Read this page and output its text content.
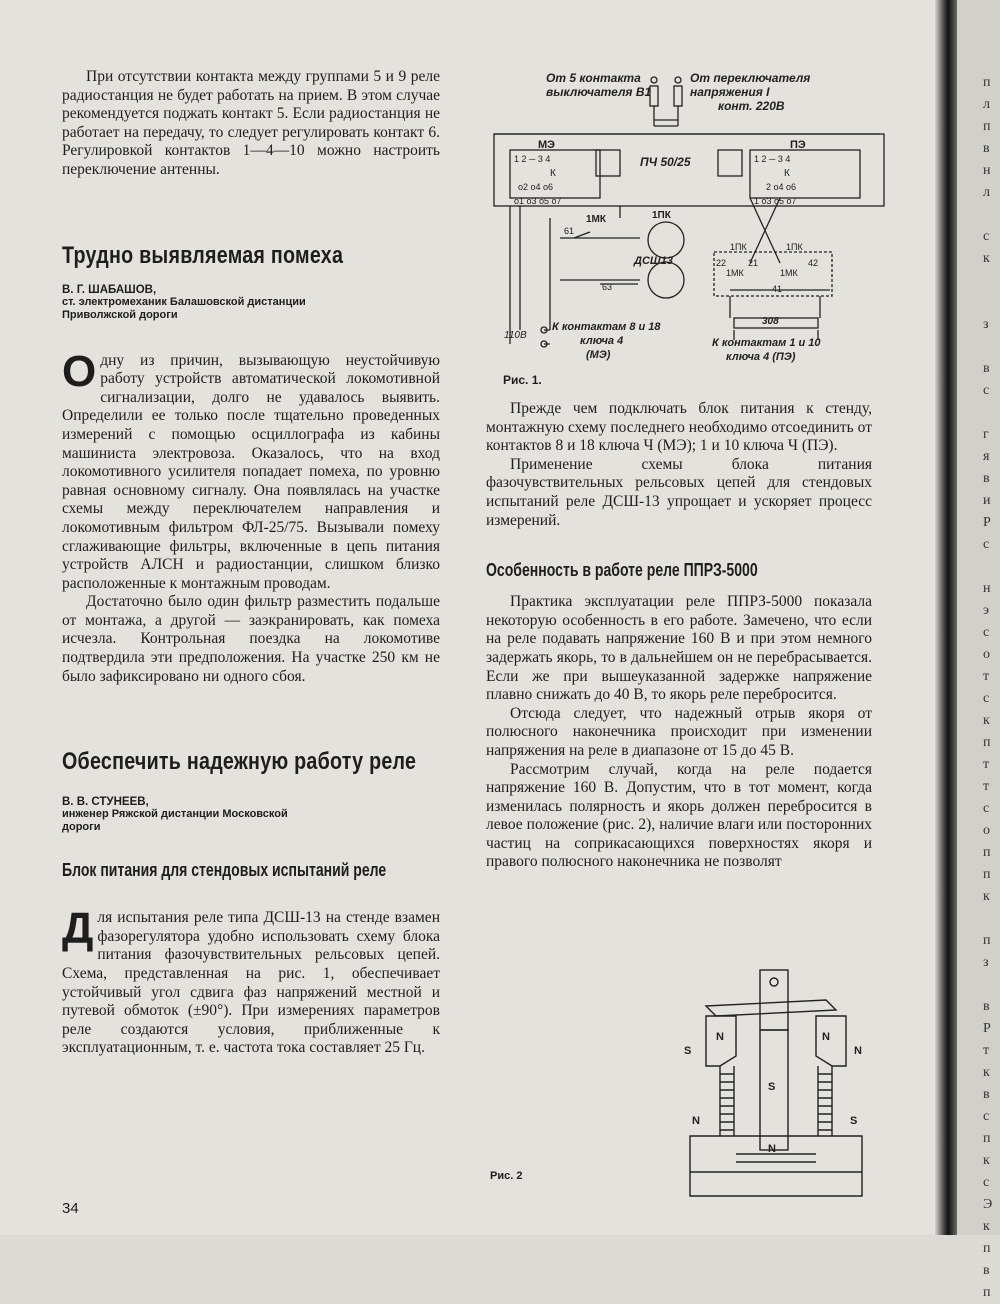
При отсутствии контакта между группами 5 и 9 реле радиостанция не будет работать на прием. В этом случае рекомендуется поджать контакт 5. Если радиостанция не работает на передачу, то следует регулировать контакт 6. Регулировкой контактов 1—4—10 можно настроить переключение антенны.

Трудно выявляемая помеха

В. Г. ШАБАШОВ,

ст. электромеханик Балашовской дистанции Приволжской дороги

О дну из причин, вызывающую неустойчивую работу устройств автоматической локомотивной сигнализации, долго не удавалось выявить. Определили ее только после тщательно проведенных измерений с помощью осциллографа из кабины машиниста электровоза. Оказалось, что на вход локомотивного усилителя попадает помеха, по уровню равная основному сигналу. Она появлялась на участке схемы между переключателем направления и локомотивным фильтром ФЛ-25/75. Вызывали помеху сглаживающие фильтры, включенные в цепь питания устройств АЛСН и радиостанции, слишком близко расположенные к монтажным проводам.

Достаточно было один фильтр разместить подальше от монтажа, а другой — заэкранировать, как помеха исчезла. Контрольная поездка на локомотиве подтвердила эти предположения. На участке 250 км не было зафиксировано ни одного сбоя.

Обеспечить надежную работу реле

В. В. СТУНЕЕВ,

инженер Ряжской дистанции Московской дороги

Блок питания для стендовых испытаний реле
Д ля испытания реле типа ДСШ-13 на стенде взамен фазорегулятора удобно использовать схему блока питания фазочувствительных рельсовых цепей. Схема, представленная на рис. 1, обеспечивает устойчивый угол сдвига фаз напряжений местной и путевой обмоток (±90°). При измерениях параметров реле создаются условия, приближенные к эксплуатационным, т. е. частота тока составляет 25 Гц.

34
От 5 контакта
выключателя В1
От переключателя
напряжения I
конт. 220В
МЭ	ПЭ
ПЧ 50/25
К	К
1 2 ─ 3 4
o2 o4 o6
1 2 ─ 3 4
2 o4 o6
o1 o3 o5 o7	1 o3 o5 o7
1МК	1ПК
ДСШ13
61
63
1ПК	1ПК
1МК	1МК
22 21
41
42
308
110В
К контактам 8 и 18
ключа 4
(МЭ)
К контактам 1 и 10
ключа 4 (ПЭ)
Рис. 1.

Прежде чем подключать блок питания к стенду, монтажную схему последнего необходимо отсоединить от контактов 8 и 18 ключа Ч (МЭ); 1 и 10 ключа Ч (ПЭ).

Применение схемы блока питания фазочувствительных рельсовых цепей для стендовых испытаний реле ДСШ-13 упрощает и ускоряет процесс измерений.

Особенность в работе реле ППРЗ-5000

Практика эксплуатации реле ППРЗ-5000 показала некоторую особенность в его работе. Замечено, что если на реле подавать напряжение 160 В и при этом немного задержать якорь, то в дальнейшем он не перебрасывается. Если же при вышеуказанной задержке напряжение плавно снижать до 40 В, то якорь реле перебросится.

Отсюда следует, что надежный отрыв якоря от полюсного наконечника происходит при изменении напряжения на реле в диапазоне от 15 до 45 В.

Рассмотрим случай, когда на реле подается напряжение 160 В. Допустим, что в тот момент, когда изменилась полярность и якорь должен перебросится в левое положение (рис. 2), наличие влаги или посторонних частиц на соприкасающихся поверхностях якоря и правого полюсного наконечника не позволят

S
N
S
N
N
N
N	S
Рис. 2
п
л
п
в
н
л
с
к
з
в
с
г
я
в
и
Р
с
н
э
с
о
т
с
к
п
т
т
с
о
п
п
к
п
з
в
Р
т
к
в
с
п
к
с
Э
к
п
в
п
